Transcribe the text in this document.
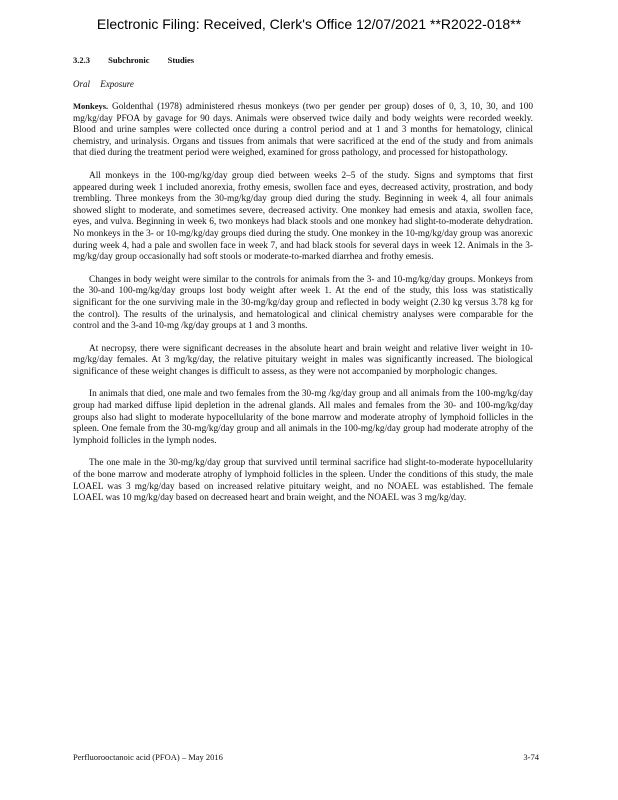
Electronic Filing: Received, Clerk's Office 12/07/2021 **R2022-018**
3.2.3 Subchronic Studies
Oral Exposure

Monkeys. Goldenthal (1978) administered rhesus monkeys (two per gender per group) doses of 0, 3, 10, 30, and 100 mg/kg/day PFOA by gavage for 90 days. Animals were observed twice daily and body weights were recorded weekly. Blood and urine samples were collected once during a control period and at 1 and 3 months for hematology, clinical chemistry, and urinalysis. Organs and tissues from animals that were sacrificed at the end of the study and from animals that died during the treatment period were weighed, examined for gross pathology, and processed for histopathology.

All monkeys in the 100-mg/kg/day group died between weeks 2–5 of the study. Signs and symptoms that first appeared during week 1 included anorexia, frothy emesis, swollen face and eyes, decreased activity, prostration, and body trembling. Three monkeys from the 30-mg/kg/day group died during the study. Beginning in week 4, all four animals showed slight to moderate, and sometimes severe, decreased activity. One monkey had emesis and ataxia, swollen face, eyes, and vulva. Beginning in week 6, two monkeys had black stools and one monkey had slight-to-moderate dehydration. No monkeys in the 3- or 10-mg/kg/day groups died during the study. One monkey in the 10-mg/kg/day group was anorexic during week 4, had a pale and swollen face in week 7, and had black stools for several days in week 12. Animals in the 3-mg/kg/day group occasionally had soft stools or moderate-to-marked diarrhea and frothy emesis.

Changes in body weight were similar to the controls for animals from the 3- and 10-mg/kg/day groups. Monkeys from the 30-and 100-mg/kg/day groups lost body weight after week 1. At the end of the study, this loss was statistically significant for the one surviving male in the 30-mg/kg/day group and reflected in body weight (2.30 kg versus 3.78 kg for the control). The results of the urinalysis, and hematological and clinical chemistry analyses were comparable for the control and the 3-and 10-mg /kg/day groups at 1 and 3 months.

At necropsy, there were significant decreases in the absolute heart and brain weight and relative liver weight in 10-mg/kg/day females. At 3 mg/kg/day, the relative pituitary weight in males was significantly increased. The biological significance of these weight changes is difficult to assess, as they were not accompanied by morphologic changes.

In animals that died, one male and two females from the 30-mg /kg/day group and all animals from the 100-mg/kg/day group had marked diffuse lipid depletion in the adrenal glands. All males and females from the 30- and 100-mg/kg/day groups also had slight to moderate hypocellularity of the bone marrow and moderate atrophy of lymphoid follicles in the spleen. One female from the 30-mg/kg/day group and all animals in the 100-mg/kg/day group had moderate atrophy of the lymphoid follicles in the lymph nodes.

The one male in the 30-mg/kg/day group that survived until terminal sacrifice had slight-to-moderate hypocellularity of the bone marrow and moderate atrophy of lymphoid follicles in the spleen. Under the conditions of this study, the male LOAEL was 3 mg/kg/day based on increased relative pituitary weight, and no NOAEL was established. The female LOAEL was 10 mg/kg/day based on decreased heart and brain weight, and the NOAEL was 3 mg/kg/day.

Perfluorooctanoic acid (PFOA) – May 2016	3-74
